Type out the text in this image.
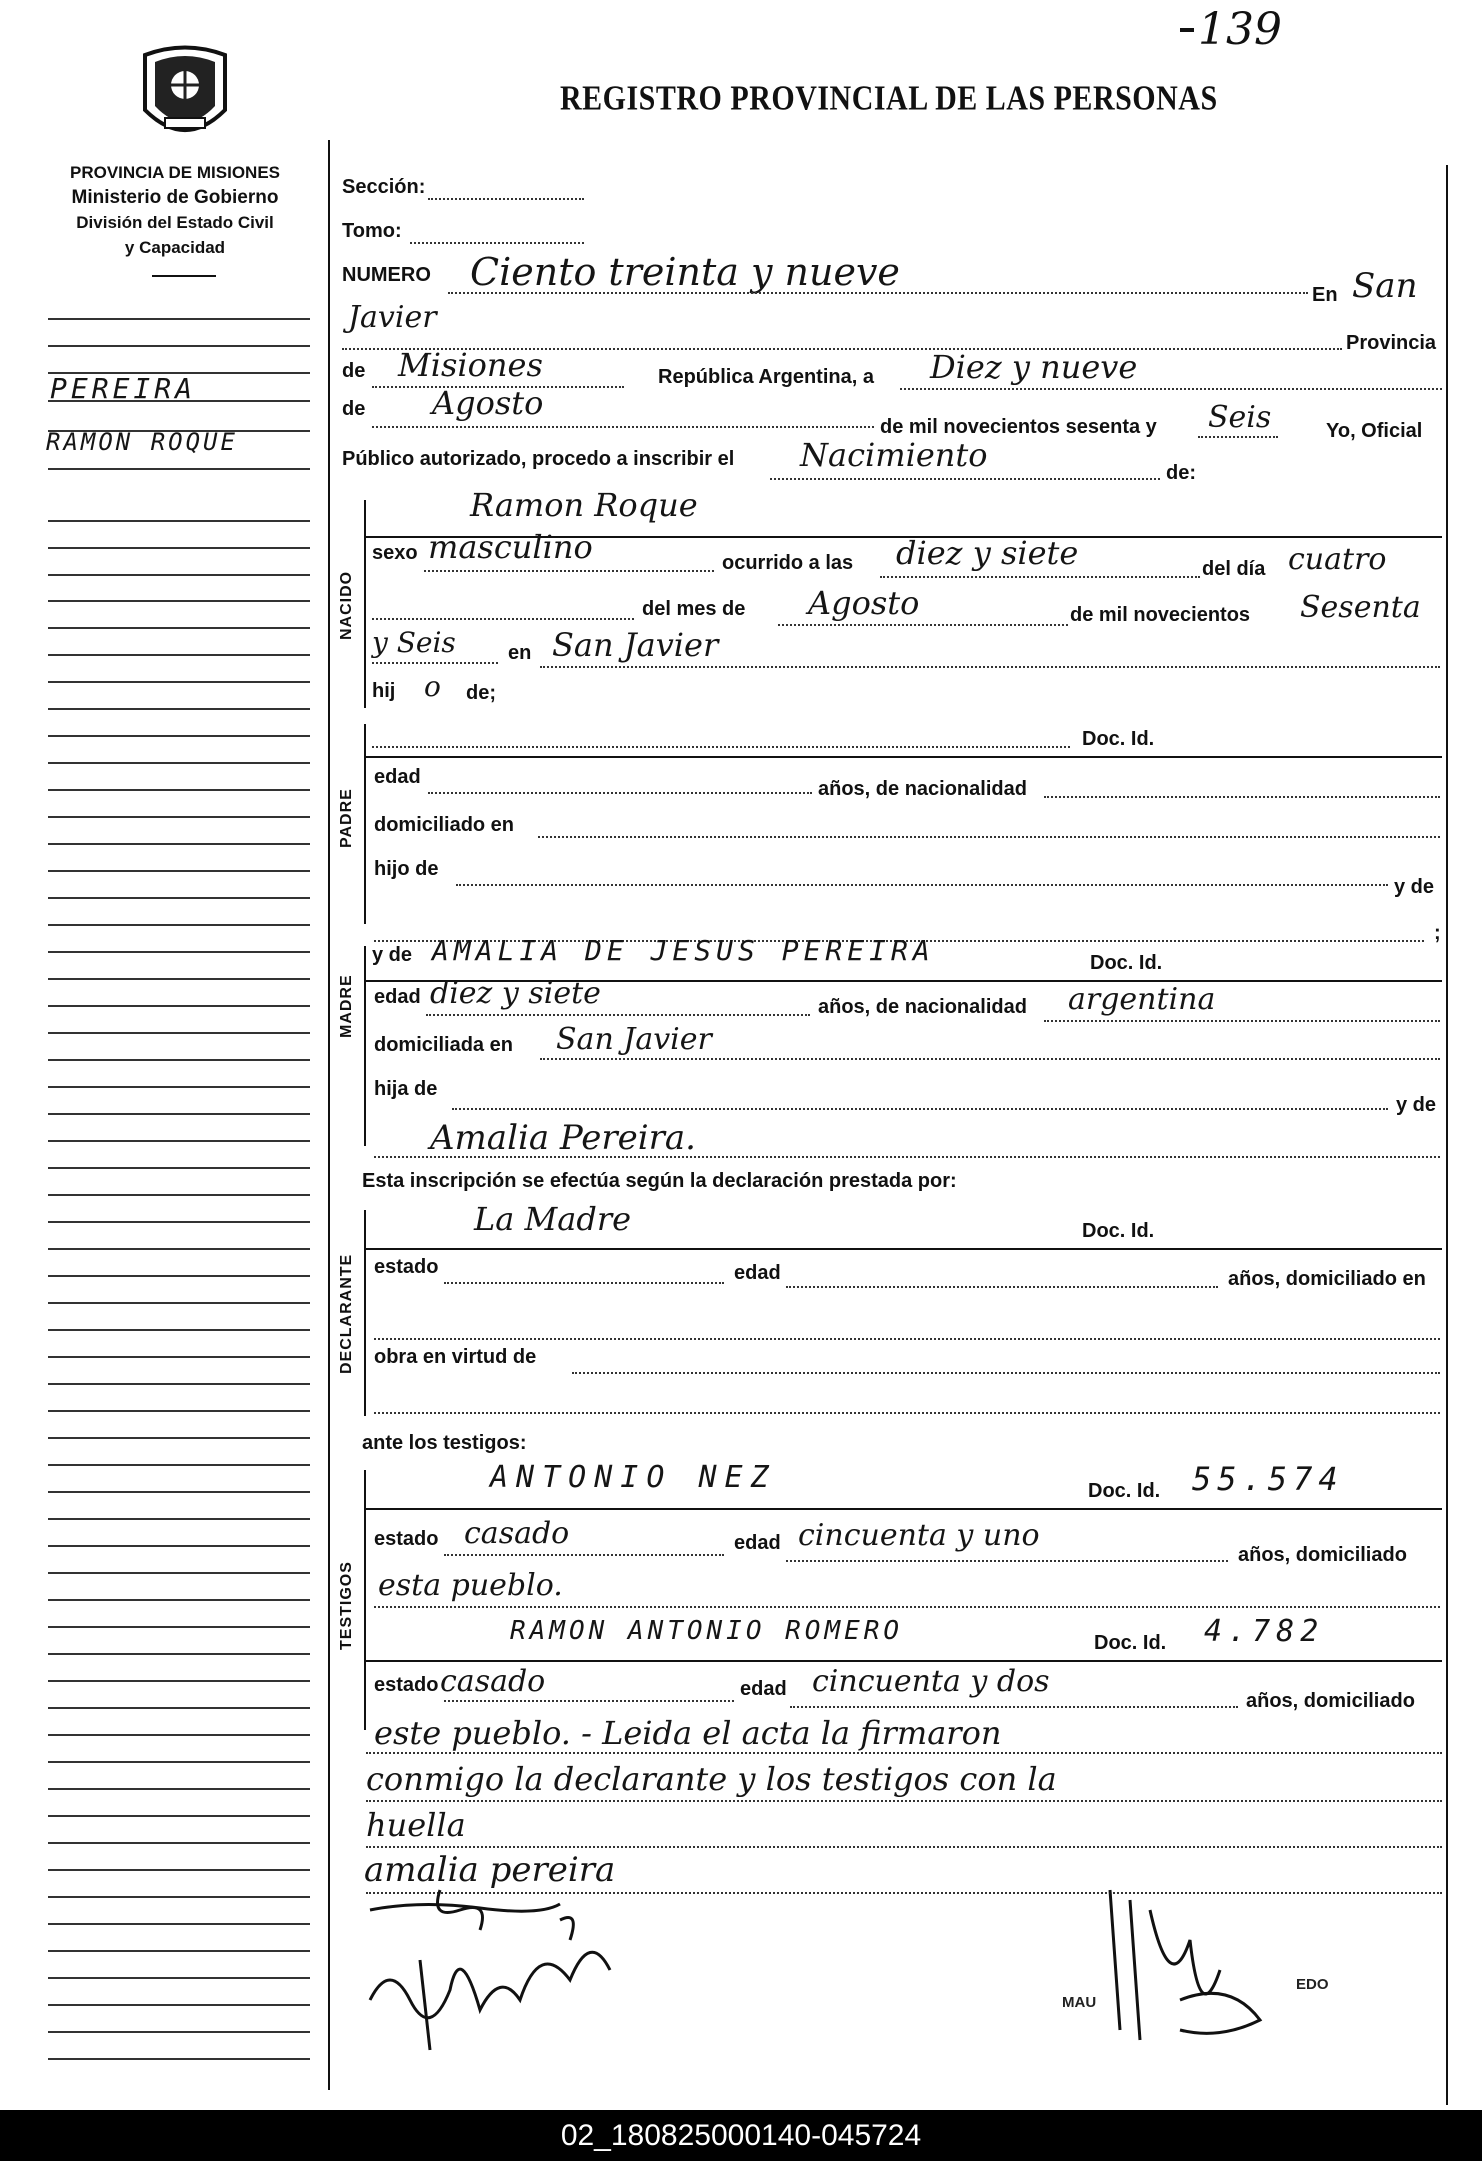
139
PROVINCIA DE MISIONES
Ministerio de Gobierno
División del Estado Civil
y Capacidad
REGISTRO PROVINCIAL DE LAS PERSONAS
PEREIRA
RAMON ROQUE
Sección:
Tomo:
NUMERO Ciento treinta y nueve
En San
Javier
Provincia
de Misiones	República Argentina, a Diez y nueve
de Agosto
de mil novecientos sesenta y Seis	Yo, Oficial
Público autorizado, procedo a inscribir el Nacimiento	de:
NACIDO
Ramon Roque
sexo masculino	ocurrido a las diez y siete	del día cuatro
del mes de Agosto	de mil novecientos Sesenta
y Seis	en San Javier
hij o de;
PADRE
Doc. Id.
edad
años, de nacionalidad
domiciliado en
hijo de
y de
;
MADRE
y de AMALIA DE JESUS PEREIRA	Doc. Id.
edad diez y siete	años, de nacionalidad argentina
domiciliada en San Javier
hija de
y de
Amalia Pereira.
Esta inscripción se efectúa según la declaración prestada por:
DECLARANTE
La Madre	Doc. Id.
estado	edad	años, domiciliado en
obra en virtud de
ante los testigos:
TESTIGOS
ANTONIO NEZ	Doc. Id. 55.574
estado casado	edad cincuenta y uno
años, domiciliado
esta pueblo.
RAMON ANTONIO ROMERO	Doc. Id. 4.782
estado casado	edad cincuenta y dos
años, domiciliado
este pueblo. - Leida el acta la firmaron
conmigo la declarante y los testigos con la
huella
amalia pereira
MAU
EDO
02_180825000140-045724
